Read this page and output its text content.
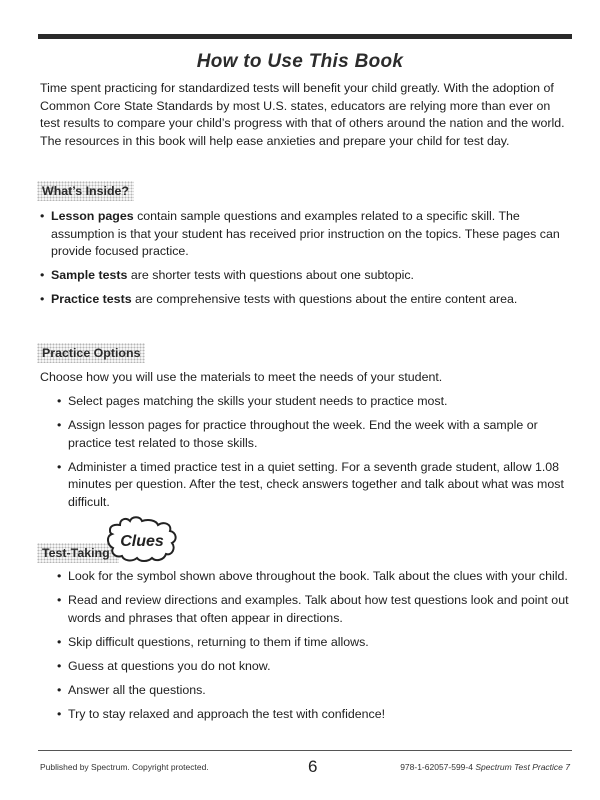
How to Use This Book

Time spent practicing for standardized tests will benefit your child greatly. With the adoption of Common Core State Standards by most U.S. states, educators are relying more than ever on test results to compare your child’s progress with that of others around the nation and the world. The resources in this book will help ease anxieties and prepare your child for test day.

What’s Inside?
• Lesson pages contain sample questions and examples related to a specific skill. The assumption is that your student has received prior instruction on the topics. These pages can provide focused practice.
• Sample tests are shorter tests with questions about one subtopic.
• Practice tests are comprehensive tests with questions about the entire content area.
Practice Options
Choose how you will use the materials to meet the needs of your student.
• Select pages matching the skills your student needs to practice most.
• Assign lesson pages for practice throughout the week. End the week with a sample or practice test related to those skills.
• Administer a timed practice test in a quiet setting. For a seventh grade student, allow 1.08 minutes per question. After the test, check answers together and talk about what was most difficult.
Test-Taking
Clues
• Look for the symbol shown above throughout the book. Talk about the clues with your child.
• Read and review directions and examples. Talk about how test questions look and point out words and phrases that often appear in directions.
• Skip difficult questions, returning to them if time allows.
• Guess at questions you do not know.
• Answer all the questions.
• Try to stay relaxed and approach the test with confidence!
Published by Spectrum. Copyright protected.	6	978-1-62057-599-4 Spectrum Test Practice 7
